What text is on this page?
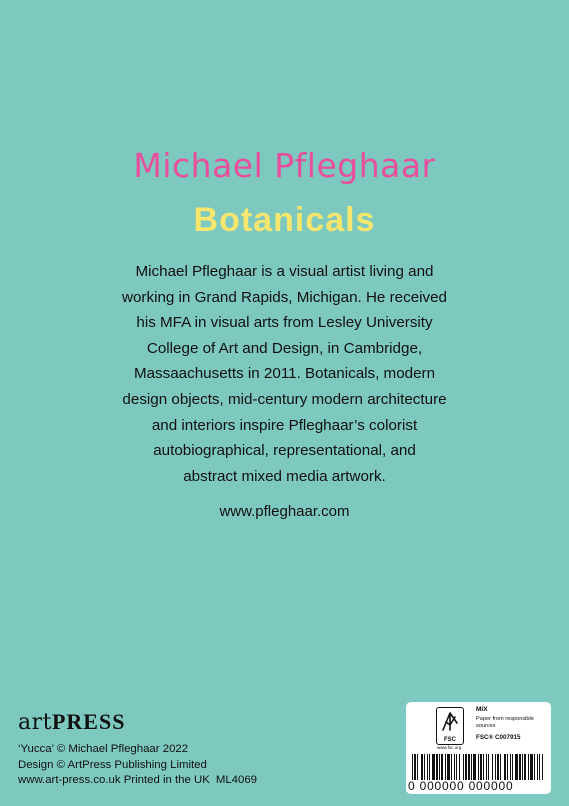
Michael Pfleghaar
Botanicals

Michael Pfleghaar is a visual artist living and
working in Grand Rapids, Michigan. He received
his MFA in visual arts from Lesley University
College of Art and Design, in Cambridge,
Massaachusetts in 2011. Botanicals, modern
design objects, mid-century modern architecture
and interiors inspire Pfleghaar’s colorist
autobiographical, representational, and
abstract mixed media artwork.

www.pfleghaar.com
artPRESS
‘Yucca’ © Michael Pfleghaar 2022
Design © ArtPress Publishing Limited
www.art-press.co.uk Printed in the UK ML4069
FSC
MIX
Paper from responsible sources
FSC® C007915
www.fsc.org
0 000000 000000
